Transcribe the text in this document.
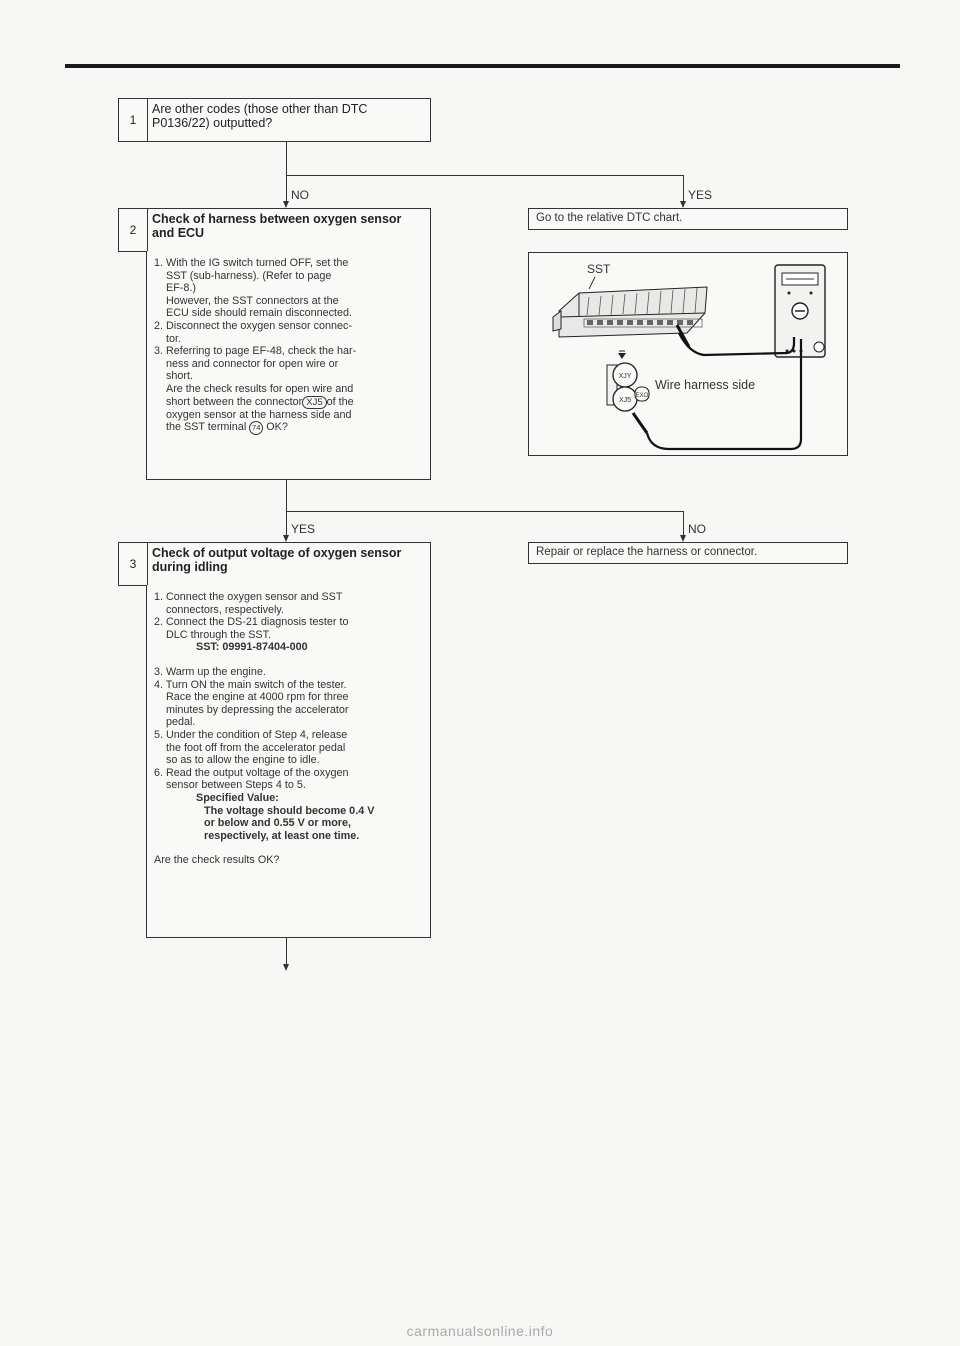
1
Are other codes (those other than DTC P0136/22) outputted?
NO	YES
Go to the relative DTC chart.
2
Check of harness between oxygen sensor and ECU

1. With the IG switch turned OFF, set the

SST (sub-harness). (Refer to page

EF-8.)

However, the SST connectors at the

ECU side should remain disconnected.

2. Disconnect the oxygen sensor connec-

tor.

3. Referring to page EF-48, check the har-

ness and connector for open wire or

short.

Are the check results for open wire and

short between the connector XJ5 of the

oxygen sensor at the harness side and

the SST terminal 74 OK?

SST
XJY
XJ5
EXO
Wire harness side
YES	NO
Repair or replace the harness or connector.
3
Check of output voltage of oxygen sensor during idling

1. Connect the oxygen sensor and SST

connectors, respectively.

2. Connect the DS-21 diagnosis tester to

DLC through the SST.

SST: 09991-87404-000

3. Warm up the engine.

4. Turn ON the main switch of the tester.

Race the engine at 4000 rpm for three

minutes by depressing the accelerator

pedal.

5. Under the condition of Step 4, release

the foot off from the accelerator pedal

so as to allow the engine to idle.

6. Read the output voltage of the oxygen

sensor between Steps 4 to 5.

Specified Value:

The voltage should become 0.4 V

or below and 0.55 V or more,

respectively, at least one time.

Are the check results OK?

carmanualsonline.info
